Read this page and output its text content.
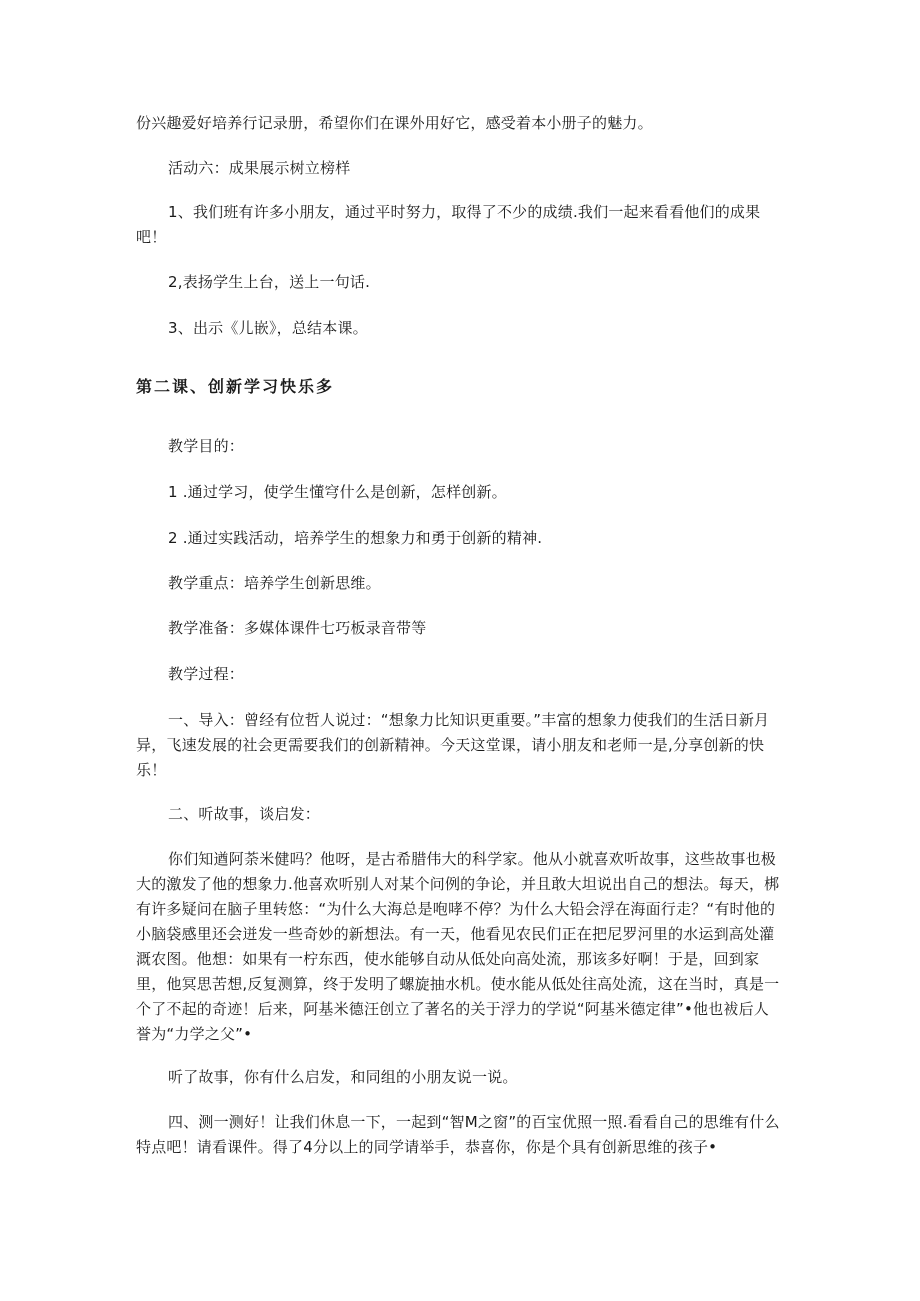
份兴趣爱好培养行记录册，希望你们在课外用好它，感受着本小册子的魅力。

活动六：成果展示树立榜样

1、我们班有许多小朋友，通过平时努力，取得了不少的成绩.我们一起来看看他们的成果吧！

2,表扬学生上台，送上一句话.

3、出示《儿嵌》，总结本课。

第二课、创新学习快乐多

教学目的：

1 .通过学习，使学生懂穹什么是创新，怎样创新。

2 .通过实践活动，培养学生的想象力和勇于创新的精神.

教学重点：培养学生创新思维。

教学准备：多媒体课件七巧板录音带等

教学过程：

一、导入：曾经有位哲人说过：“想象力比知识更重要。”丰富的想象力使我们的生活日新月异，飞速发展的社会更需要我们的创新精神。今天这堂课，请小朋友和老师一是,分享创新的快乐！

二、听故事，谈启发：

你们知遒阿荼米健吗？他呀，是古希腊伟大的科学家。他从小就喜欢听故事，这些故事也极大的激发了他的想象力.他喜欢听别人对某个问例的争论，并且敢大坦说出自己的想法。每天，梆有许多疑问在脑子里转悠：“为什么大海总是咆哮不停？为什么大铅会浮在海面行走？“有时他的小脑袋感里还会迸发一些奇妙的新想法。有一天，他看见农民们正在把尼罗河里的水运到高处灌溉农图。他想：如果有一柠东西，使水能够自动从低处向高处流，那该多好啊！于是，回到家里，他冥思苦想,反复测算，终于发明了螺旋抽水机。使水能从低处往高处流，这在当时，真是一个了不起的奇迹！后来，阿基米德汪创立了著名的关于浮力的学说“阿基米德定律”•他也袚后人誉为“力学之父”•

听了故事，你有什么启发，和同组的小朋友说一说。

四、测一测好！让我们休息一下，一起到“智M之窗”的百宝优照一照.看看自己的思维有什么特点吧！请看课件。得了4分以上的同学请举手，恭喜你，你是个具有创新思维的孩子•
